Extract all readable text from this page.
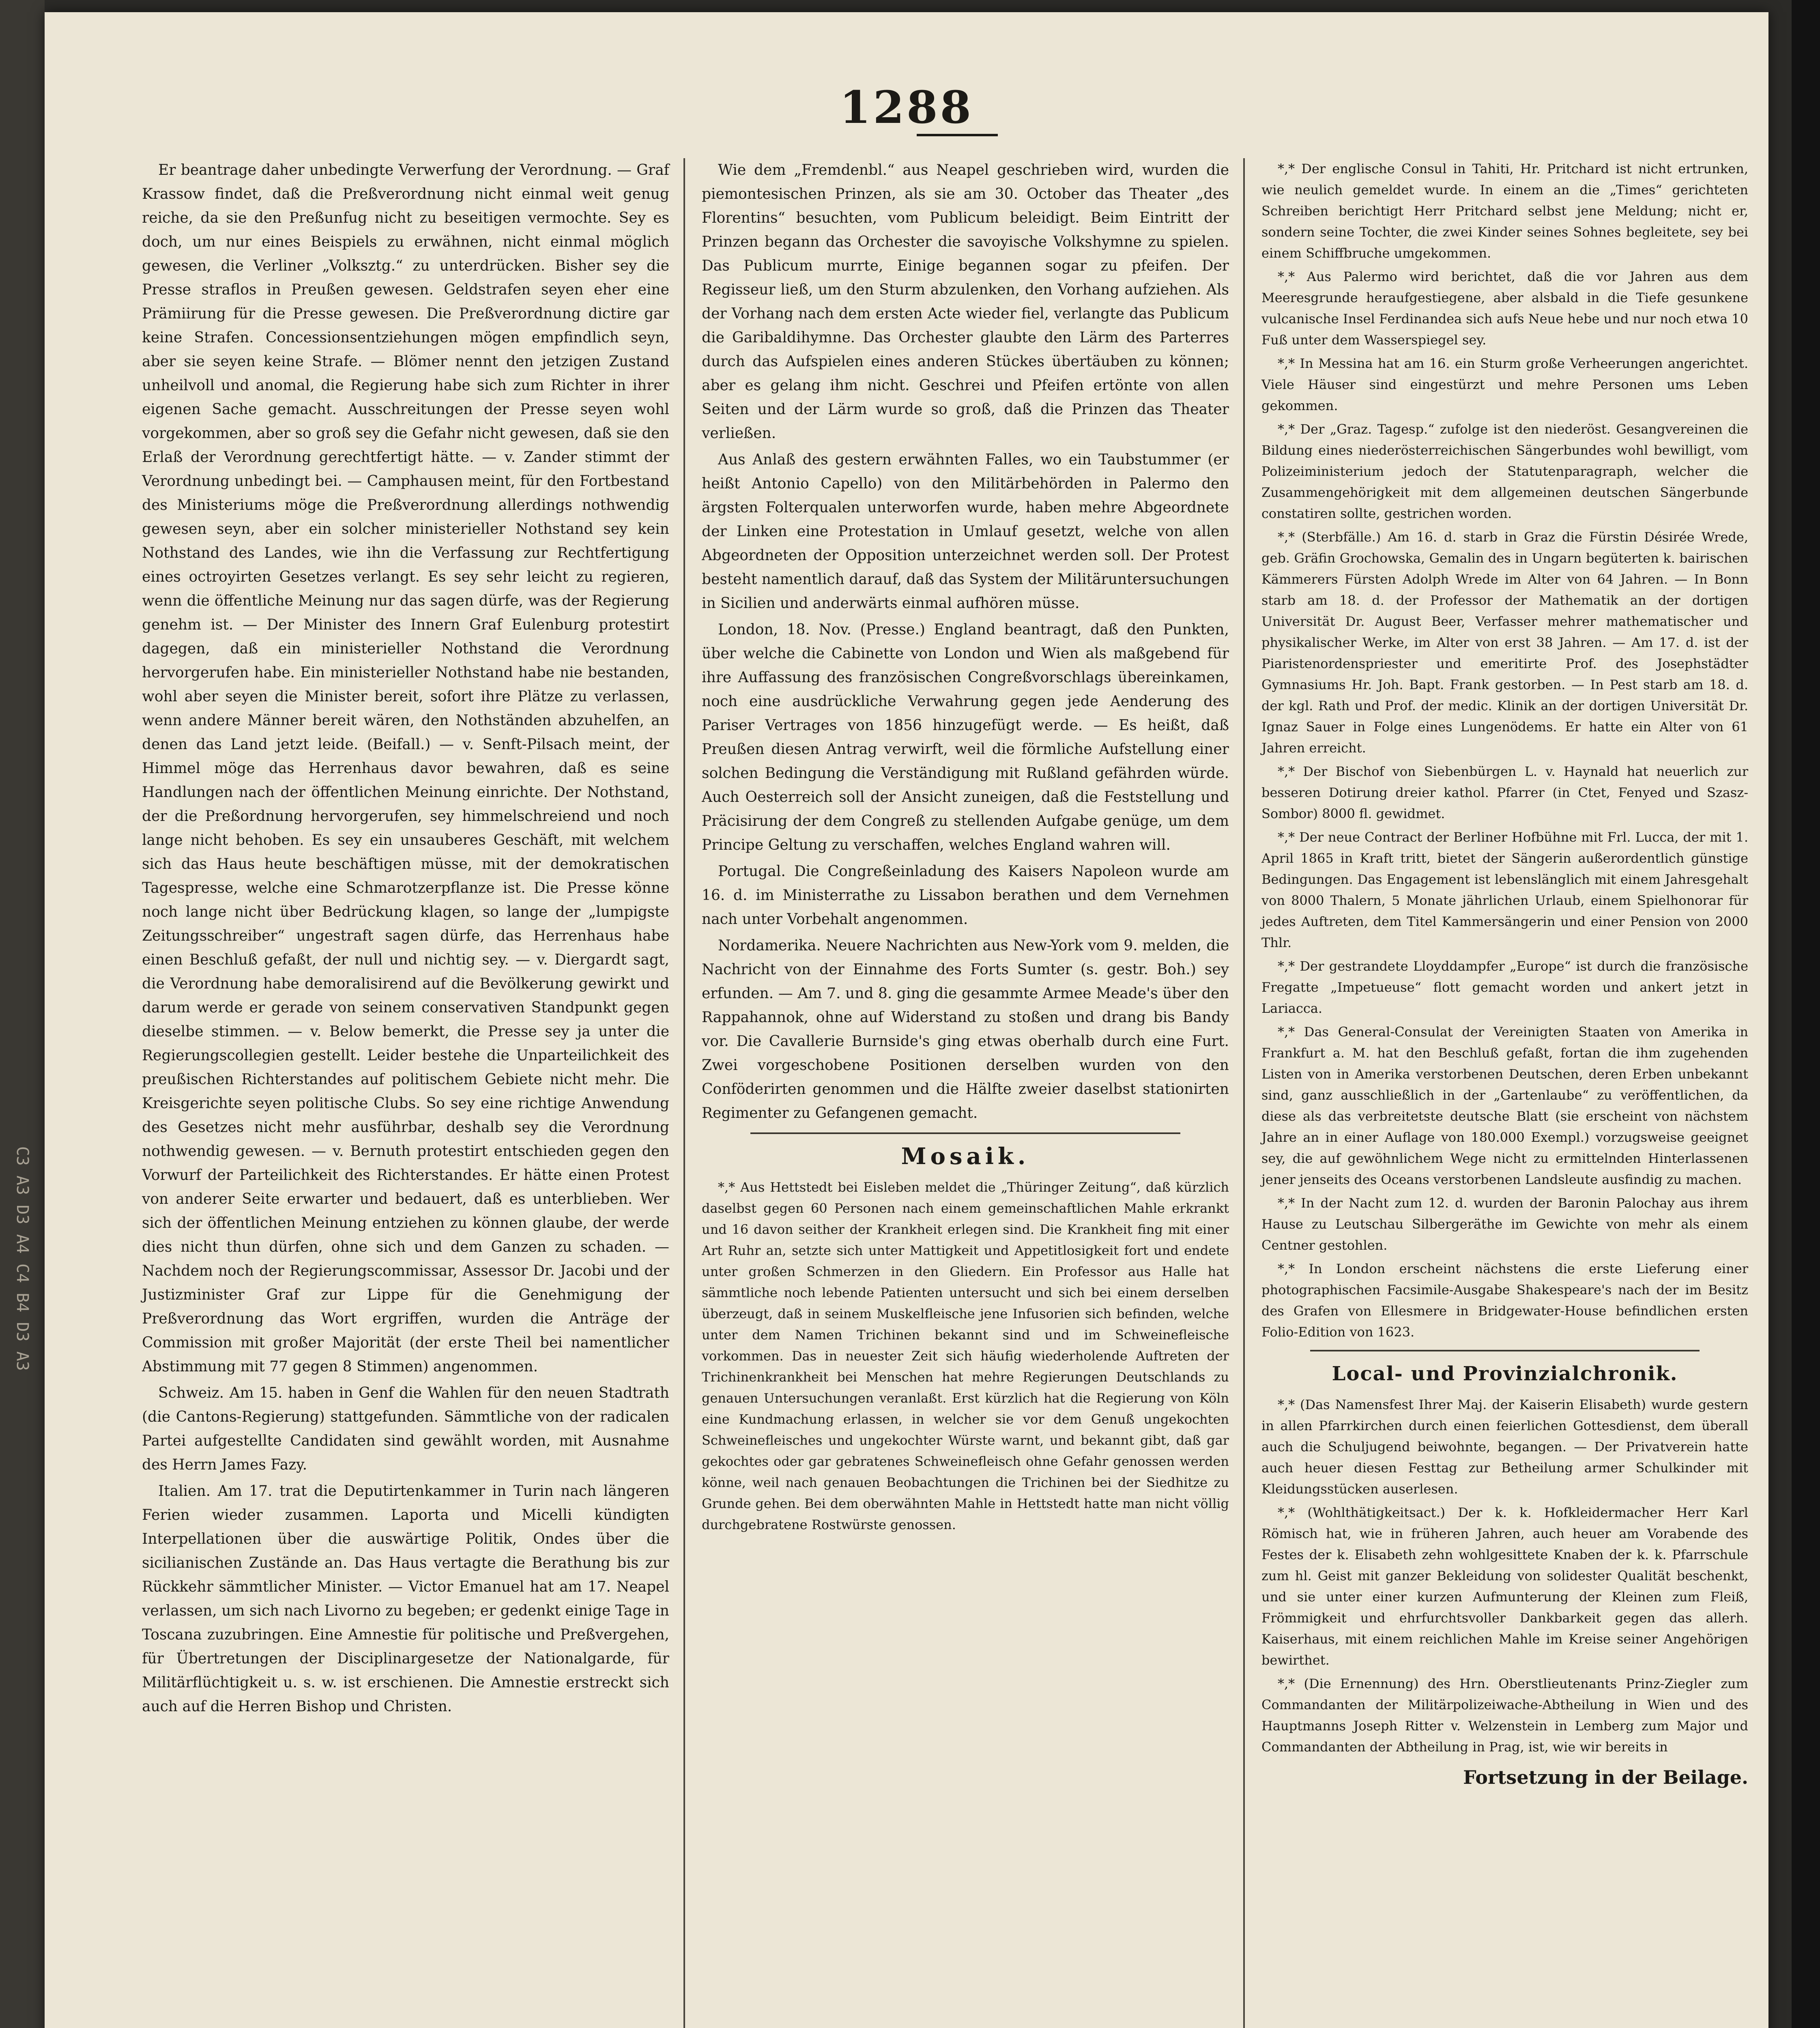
C3 A3 D3 A4 C4 B4 D3 A3
1288

Er beantrage daher unbedingte Verwerfung der Verordnung. — Graf Krassow findet, daß die Preßverordnung nicht einmal weit genug reiche, da sie den Preßunfug nicht zu beseitigen vermochte. Sey es doch, um nur eines Beispiels zu erwähnen, nicht einmal möglich gewesen, die Verliner „Volksztg.“ zu unterdrücken. Bisher sey die Presse straflos in Preußen gewesen. Geldstrafen seyen eher eine Prämiirung für die Presse gewesen. Die Preßverordnung dictire gar keine Strafen. Concessionsentziehungen mögen empfindlich seyn, aber sie seyen keine Strafe. — Blömer nennt den jetzigen Zustand unheilvoll und anomal, die Regierung habe sich zum Richter in ihrer eigenen Sache gemacht. Ausschreitungen der Presse seyen wohl vorgekommen, aber so groß sey die Gefahr nicht gewesen, daß sie den Erlaß der Verordnung gerechtfertigt hätte. — v. Zander stimmt der Verordnung unbedingt bei. — Camphausen meint, für den Fortbestand des Ministeriums möge die Preßverordnung allerdings nothwendig gewesen seyn, aber ein solcher ministerieller Nothstand sey kein Nothstand des Landes, wie ihn die Verfassung zur Rechtfertigung eines octroyirten Gesetzes verlangt. Es sey sehr leicht zu regieren, wenn die öffentliche Meinung nur das sagen dürfe, was der Regierung genehm ist. — Der Minister des Innern Graf Eulenburg protestirt dagegen, daß ein ministerieller Nothstand die Verordnung hervorgerufen habe. Ein ministerieller Nothstand habe nie bestanden, wohl aber seyen die Minister bereit, sofort ihre Plätze zu verlassen, wenn andere Männer bereit wären, den Nothständen abzuhelfen, an denen das Land jetzt leide. (Beifall.) — v. Senft-Pilsach meint, der Himmel möge das Herrenhaus davor bewahren, daß es seine Handlungen nach der öffentlichen Meinung einrichte. Der Nothstand, der die Preßordnung hervorgerufen, sey himmelschreiend und noch lange nicht behoben. Es sey ein unsauberes Geschäft, mit welchem sich das Haus heute beschäftigen müsse, mit der demokratischen Tagespresse, welche eine Schmarotzerpflanze ist. Die Presse könne noch lange nicht über Bedrückung klagen, so lange der „lumpigste Zeitungsschreiber“ ungestraft sagen dürfe, das Herrenhaus habe einen Beschluß gefaßt, der null und nichtig sey. — v. Diergardt sagt, die Verordnung habe demoralisirend auf die Bevölkerung gewirkt und darum werde er gerade von seinem conservativen Standpunkt gegen dieselbe stimmen. — v. Below bemerkt, die Presse sey ja unter die Regierungscollegien gestellt. Leider bestehe die Unparteilichkeit des preußischen Richterstandes auf politischem Gebiete nicht mehr. Die Kreisgerichte seyen politische Clubs. So sey eine richtige Anwendung des Gesetzes nicht mehr ausführbar, deshalb sey die Verordnung nothwendig gewesen. — v. Bernuth protestirt entschieden gegen den Vorwurf der Parteilichkeit des Richterstandes. Er hätte einen Protest von anderer Seite erwarter und bedauert, daß es unterblieben. Wer sich der öffentlichen Meinung entziehen zu können glaube, der werde dies nicht thun dürfen, ohne sich und dem Ganzen zu schaden. — Nachdem noch der Regierungscommissar, Assessor Dr. Jacobi und der Justizminister Graf zur Lippe für die Genehmigung der Preßverordnung das Wort ergriffen, wurden die Anträge der Commission mit großer Majorität (der erste Theil bei namentlicher Abstimmung mit 77 gegen 8 Stimmen) angenommen.

Schweiz. Am 15. haben in Genf die Wahlen für den neuen Stadtrath (die Cantons-Regierung) stattgefunden. Sämmtliche von der radicalen Partei aufgestellte Candidaten sind gewählt worden, mit Ausnahme des Herrn James Fazy.

Italien. Am 17. trat die Deputirtenkammer in Turin nach längeren Ferien wieder zusammen. Laporta und Micelli kündigten Interpellationen über die auswärtige Politik, Ondes über die sicilianischen Zustände an. Das Haus vertagte die Berathung bis zur Rückkehr sämmtlicher Minister. — Victor Emanuel hat am 17. Neapel verlassen, um sich nach Livorno zu begeben; er gedenkt einige Tage in Toscana zuzubringen. Eine Amnestie für politische und Preßvergehen, für Übertretungen der Disciplinargesetze der Nationalgarde, für Militärflüchtigkeit u. s. w. ist erschienen. Die Amnestie erstreckt sich auch auf die Herren Bishop und Christen.

Wie dem „Fremdenbl.“ aus Neapel geschrieben wird, wurden die piemontesischen Prinzen, als sie am 30. October das Theater „des Florentins“ besuchten, vom Publicum beleidigt. Beim Eintritt der Prinzen begann das Orchester die savoyische Volkshymne zu spielen. Das Publicum murrte, Einige begannen sogar zu pfeifen. Der Regisseur ließ, um den Sturm abzulenken, den Vorhang aufziehen. Als der Vorhang nach dem ersten Acte wieder fiel, verlangte das Publicum die Garibaldihymne. Das Orchester glaubte den Lärm des Parterres durch das Aufspielen eines anderen Stückes übertäuben zu können; aber es gelang ihm nicht. Geschrei und Pfeifen ertönte von allen Seiten und der Lärm wurde so groß, daß die Prinzen das Theater verließen.

Aus Anlaß des gestern erwähnten Falles, wo ein Taubstummer (er heißt Antonio Capello) von den Militärbehörden in Palermo den ärgsten Folterqualen unterworfen wurde, haben mehre Abgeordnete der Linken eine Protestation in Umlauf gesetzt, welche von allen Abgeordneten der Opposition unterzeichnet werden soll. Der Protest besteht namentlich darauf, daß das System der Militäruntersuchungen in Sicilien und anderwärts einmal aufhören müsse.

London, 18. Nov. (Presse.) England beantragt, daß den Punkten, über welche die Cabinette von London und Wien als maßgebend für ihre Auffassung des französischen Congreßvorschlags übereinkamen, noch eine ausdrückliche Verwahrung gegen jede Aenderung des Pariser Vertrages von 1856 hinzugefügt werde. — Es heißt, daß Preußen diesen Antrag verwirft, weil die förmliche Aufstellung einer solchen Bedingung die Verständigung mit Rußland gefährden würde. Auch Oesterreich soll der Ansicht zuneigen, daß die Feststellung und Präcisirung der dem Congreß zu stellenden Aufgabe genüge, um dem Principe Geltung zu verschaffen, welches England wahren will.

Portugal. Die Congreßeinladung des Kaisers Napoleon wurde am 16. d. im Ministerrathe zu Lissabon berathen und dem Vernehmen nach unter Vorbehalt angenommen.

Nordamerika. Neuere Nachrichten aus New-York vom 9. melden, die Nachricht von der Einnahme des Forts Sumter (s. gestr. Boh.) sey erfunden. — Am 7. und 8. ging die gesammte Armee Meade's über den Rappahannok, ohne auf Widerstand zu stoßen und drang bis Bandy vor. Die Cavallerie Burnside's ging etwas oberhalb durch eine Furt. Zwei vorgeschobene Positionen derselben wurden von den Conföderirten genommen und die Hälfte zweier daselbst stationirten Regimenter zu Gefangenen gemacht.

Mosaik.

*,* Aus Hettstedt bei Eisleben meldet die „Thüringer Zeitung“, daß kürzlich daselbst gegen 60 Personen nach einem gemeinschaftlichen Mahle erkrankt und 16 davon seither der Krankheit erlegen sind. Die Krankheit fing mit einer Art Ruhr an, setzte sich unter Mattigkeit und Appetitlosigkeit fort und endete unter großen Schmerzen in den Gliedern. Ein Professor aus Halle hat sämmtliche noch lebende Patienten untersucht und sich bei einem derselben überzeugt, daß in seinem Muskelfleische jene Infusorien sich befinden, welche unter dem Namen Trichinen bekannt sind und im Schweinefleische vorkommen. Das in neuester Zeit sich häufig wiederholende Auftreten der Trichinenkrankheit bei Menschen hat mehre Regierungen Deutschlands zu genauen Untersuchungen veranlaßt. Erst kürzlich hat die Regierung von Köln eine Kundmachung erlassen, in welcher sie vor dem Genuß ungekochten Schweinefleisches und ungekochter Würste warnt, und bekannt gibt, daß gar gekochtes oder gar gebratenes Schweinefleisch ohne Gefahr genossen werden könne, weil nach genauen Beobachtungen die Trichinen bei der Siedhitze zu Grunde gehen. Bei dem oberwähnten Mahle in Hettstedt hatte man nicht völlig durchgebratene Rostwürste genossen.

*,* Der englische Consul in Tahiti, Hr. Pritchard ist nicht ertrunken, wie neulich gemeldet wurde. In einem an die „Times“ gerichteten Schreiben berichtigt Herr Pritchard selbst jene Meldung; nicht er, sondern seine Tochter, die zwei Kinder seines Sohnes begleitete, sey bei einem Schiffbruche umgekommen.

*,* Aus Palermo wird berichtet, daß die vor Jahren aus dem Meeresgrunde heraufgestiegene, aber alsbald in die Tiefe gesunkene vulcanische Insel Ferdinandea sich aufs Neue hebe und nur noch etwa 10 Fuß unter dem Wasserspiegel sey.

*,* In Messina hat am 16. ein Sturm große Verheerungen angerichtet. Viele Häuser sind eingestürzt und mehre Personen ums Leben gekommen.

*,* Der „Graz. Tagesp.“ zufolge ist den niederöst. Gesangvereinen die Bildung eines niederösterreichischen Sängerbundes wohl bewilligt, vom Polizeiministerium jedoch der Statutenparagraph, welcher die Zusammengehörigkeit mit dem allgemeinen deutschen Sängerbunde constatiren sollte, gestrichen worden.

*,* (Sterbfälle.) Am 16. d. starb in Graz die Fürstin Désirée Wrede, geb. Gräfin Grochowska, Gemalin des in Ungarn begüterten k. bairischen Kämmerers Fürsten Adolph Wrede im Alter von 64 Jahren. — In Bonn starb am 18. d. der Professor der Mathematik an der dortigen Universität Dr. August Beer, Verfasser mehrer mathematischer und physikalischer Werke, im Alter von erst 38 Jahren. — Am 17. d. ist der Piaristenordenspriester und emeritirte Prof. des Josephstädter Gymnasiums Hr. Joh. Bapt. Frank gestorben. — In Pest starb am 18. d. der kgl. Rath und Prof. der medic. Klinik an der dortigen Universität Dr. Ignaz Sauer in Folge eines Lungenödems. Er hatte ein Alter von 61 Jahren erreicht.

*,* Der Bischof von Siebenbürgen L. v. Haynald hat neuerlich zur besseren Dotirung dreier kathol. Pfarrer (in Ctet, Fenyed und Szasz-Sombor) 8000 fl. gewidmet.

*,* Der neue Contract der Berliner Hofbühne mit Frl. Lucca, der mit 1. April 1865 in Kraft tritt, bietet der Sängerin außerordentlich günstige Bedingungen. Das Engagement ist lebenslänglich mit einem Jahresgehalt von 8000 Thalern, 5 Monate jährlichen Urlaub, einem Spielhonorar für jedes Auftreten, dem Titel Kammersängerin und einer Pension von 2000 Thlr.

*,* Der gestrandete Lloyddampfer „Europe“ ist durch die französische Fregatte „Impetueuse“ flott gemacht worden und ankert jetzt in Lariacca.

*,* Das General-Consulat der Vereinigten Staaten von Amerika in Frankfurt a. M. hat den Beschluß gefaßt, fortan die ihm zugehenden Listen von in Amerika verstorbenen Deutschen, deren Erben unbekannt sind, ganz ausschließlich in der „Gartenlaube“ zu veröffentlichen, da diese als das verbreitetste deutsche Blatt (sie erscheint von nächstem Jahre an in einer Auflage von 180.000 Exempl.) vorzugsweise geeignet sey, die auf gewöhnlichem Wege nicht zu ermittelnden Hinterlassenen jener jenseits des Oceans verstorbenen Landsleute ausfindig zu machen.

*,* In der Nacht zum 12. d. wurden der Baronin Palochay aus ihrem Hause zu Leutschau Silbergeräthe im Gewichte von mehr als einem Centner gestohlen.

*,* In London erscheint nächstens die erste Lieferung einer photographischen Facsimile-Ausgabe Shakespeare's nach der im Besitz des Grafen von Ellesmere in Bridgewater-House befindlichen ersten Folio-Edition von 1623.

Local- und Provinzialchronik.

*,* (Das Namensfest Ihrer Maj. der Kaiserin Elisabeth) wurde gestern in allen Pfarrkirchen durch einen feierlichen Gottesdienst, dem überall auch die Schuljugend beiwohnte, begangen. — Der Privatverein hatte auch heuer diesen Festtag zur Betheilung armer Schulkinder mit Kleidungsstücken auserlesen.

*,* (Wohlthätigkeitsact.) Der k. k. Hofkleidermacher Herr Karl Römisch hat, wie in früheren Jahren, auch heuer am Vorabende des Festes der k. Elisabeth zehn wohlgesittete Knaben der k. k. Pfarrschule zum hl. Geist mit ganzer Bekleidung von solidester Qualität beschenkt, und sie unter einer kurzen Aufmunterung der Kleinen zum Fleiß, Frömmigkeit und ehrfurchtsvoller Dankbarkeit gegen das allerh. Kaiserhaus, mit einem reichlichen Mahle im Kreise seiner Angehörigen bewirthet.

*,* (Die Ernennung) des Hrn. Oberstlieutenants Prinz-Ziegler zum Commandanten der Militärpolizeiwache-Abtheilung in Wien und des Hauptmanns Joseph Ritter v. Welzenstein in Lemberg zum Major und Commandanten der Abtheilung in Prag, ist, wie wir bereits in

Fortsetzung in der Beilage.
